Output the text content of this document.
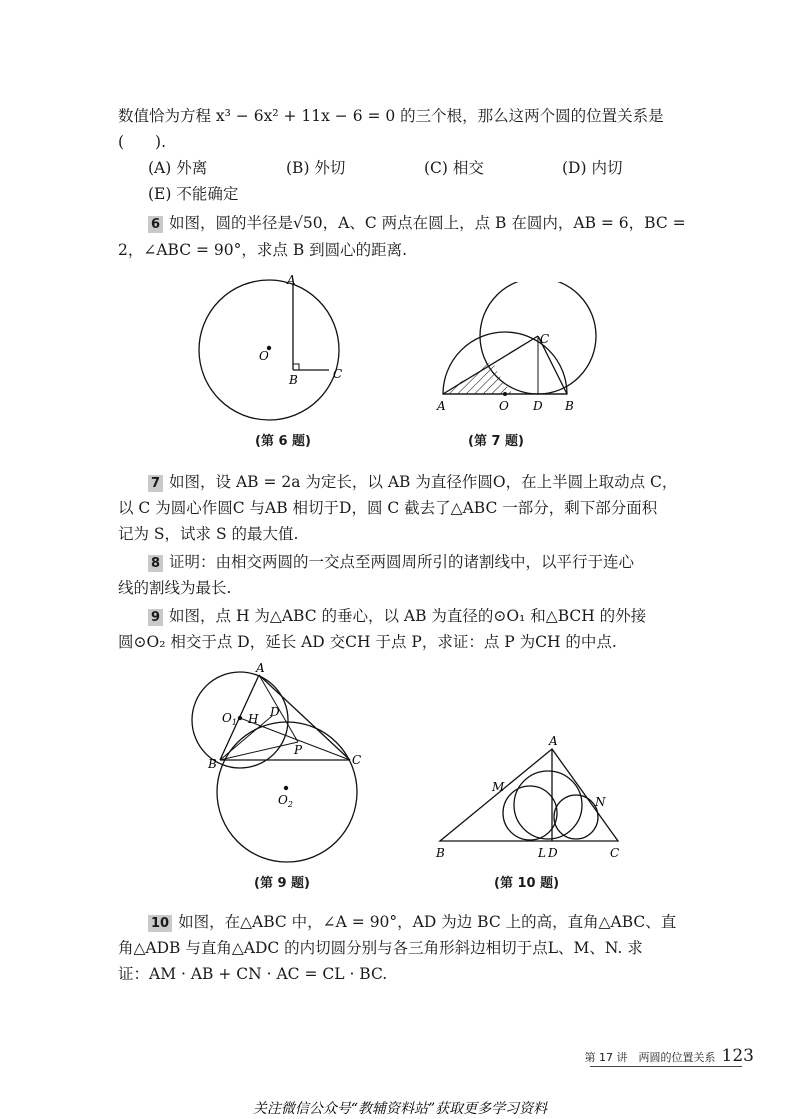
数值恰为方程 x³ − 6x² + 11x − 6 = 0 的三个根，那么这两个圆的位置关系是
(　　).
(A) 外离	(B) 外切	(C) 相交	(D) 内切
(E) 不能确定
6 如图，圆的半径是√50，A、C 两点在圆上，点 B 在圆内，AB = 6，BC =
2，∠ABC = 90°，求点 B 到圆心的距离.
A
O
B	C
(第 6 题)
A	O D B
C
(第 7 题)
7 如图，设 AB = 2a 为定长，以 AB 为直径作圆O，在上半圆上取动点 C，
以 C 为圆心作圆C 与AB 相切于D，圆 C 截去了△ABC 一部分，剩下部分面积
记为 S，试求 S 的最大值.
8 证明：由相交两圆的一交点至两圆周所引的诸割线中，以平行于连心
线的割线为最长.
9 如图，点 H 为△ABC 的垂心，以 AB 为直径的⊙O₁ 和△BCH 的外接
圆⊙O₂ 相交于点 D，延长 AD 交CH 于点 P，求证：点 P 为CH 的中点.
A
$O_1$ H D
P
B	C
$O_2$
(第 9 题)
A
M
N
B	L D	C
(第 10 题)
10 如图，在△ABC 中，∠A = 90°，AD 为边 BC 上的高，直角△ABC、直
角△ADB 与直角△ADC 的内切圆分别与各三角形斜边相切于点L、M、N. 求
证：AM · AB + CN · AC = CL · BC.
第 17 讲　两圆的位置关系 123
关注微信公众号“教辅资料站”获取更多学习资料
